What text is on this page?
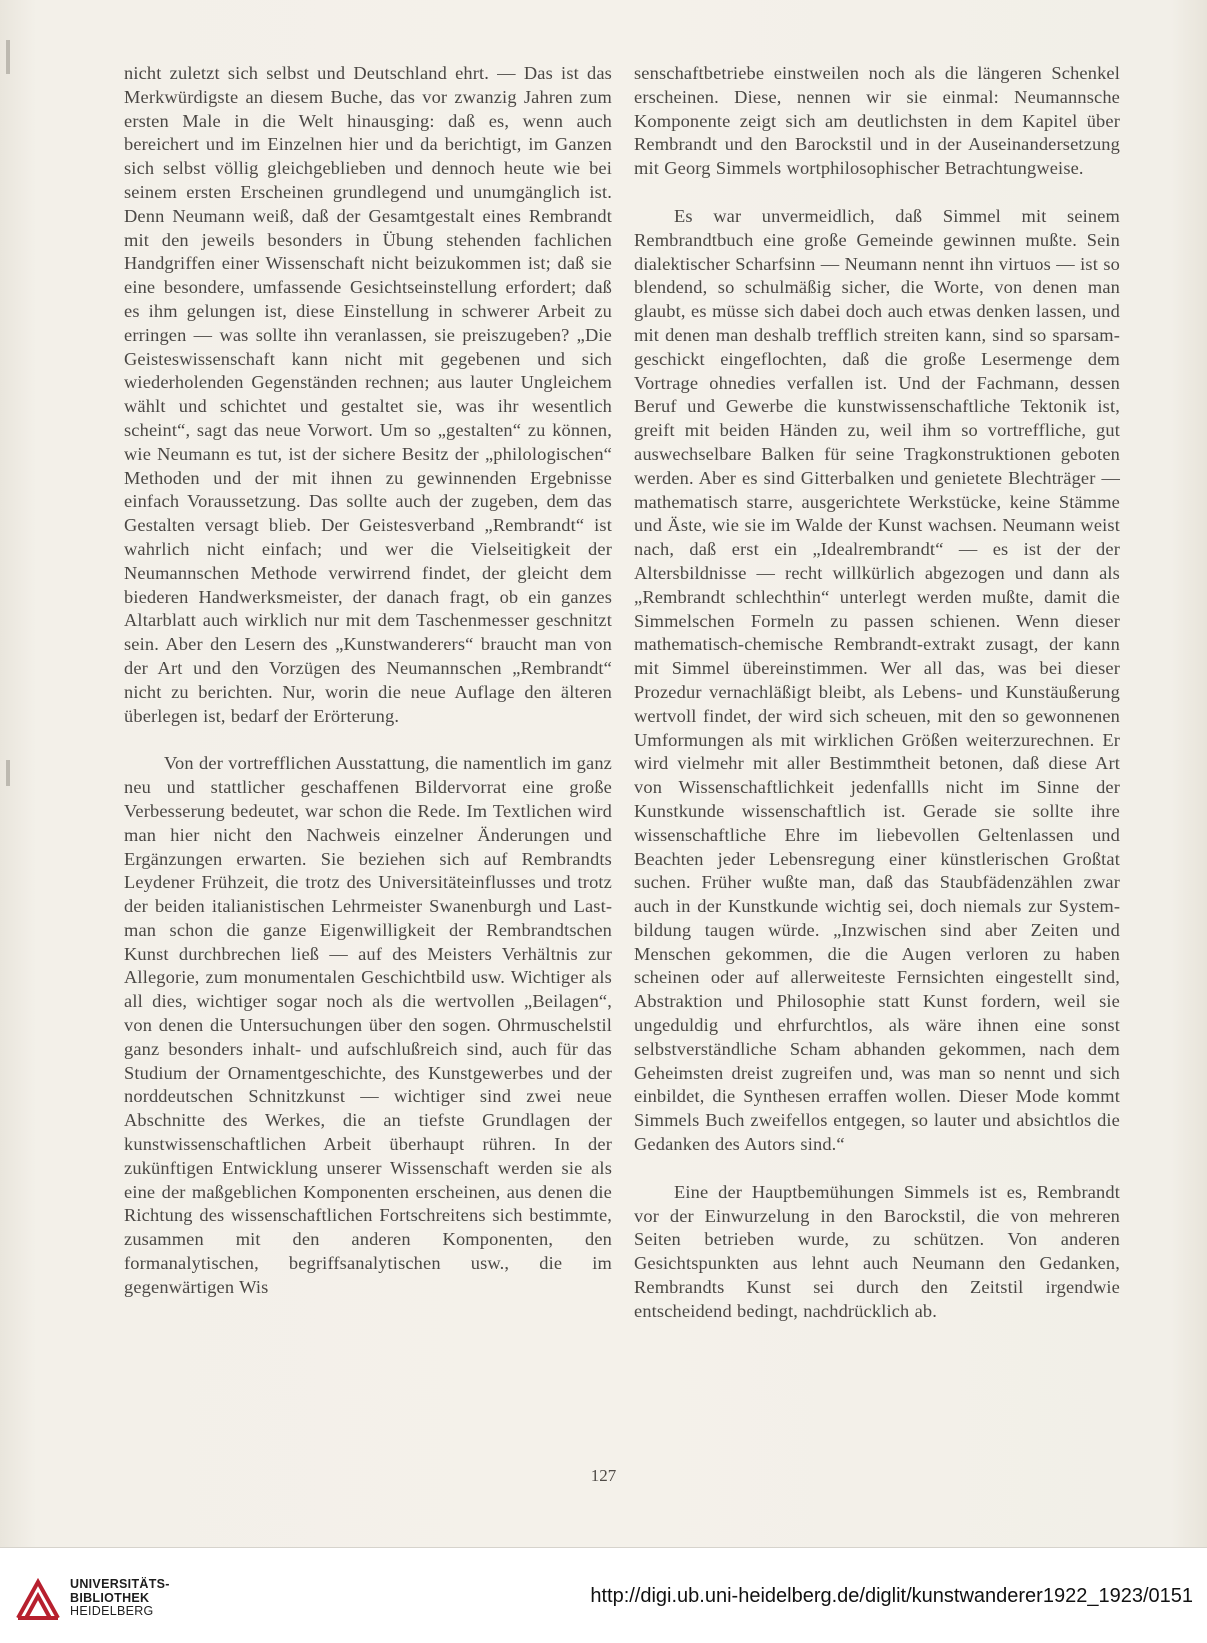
nicht zuletzt sich selbst und Deutschland ehrt. — Das ist das Merkwürdigste an diesem Buche, das vor zwanzig Jahren zum ersten Male in die Welt hinausging: daß es, wenn auch bereichert und im Einzelnen hier und da berichtigt, im Ganzen sich selbst völlig gleichgeblieben und dennoch heute wie bei seinem ersten Erscheinen grundlegend und unumgänglich ist. Denn Neumann weiß, daß der Gesamtgestalt eines Rembrandt mit den jeweils besonders in Übung stehenden fachlichen Handgriffen einer Wissenschaft nicht beizukommen ist; daß sie eine besondere, umfassende Gesichtseinstellung erfordert; daß es ihm gelungen ist, diese Einstellung in schwerer Arbeit zu erringen — was sollte ihn veranlassen, sie preiszugeben? „Die Geisteswissenschaft kann nicht mit gegebenen und sich wiederholenden Gegenständen rechnen; aus lauter Ungleichem wählt und schichtet und gestaltet sie, was ihr wesentlich scheint“, sagt das neue Vorwort. Um so „gestalten“ zu können, wie Neumann es tut, ist der sichere Besitz der „philologischen“ Methoden und der mit ihnen zu gewinnenden Ergebnisse einfach Voraussetzung. Das sollte auch der zugeben, dem das Gestalten versagt blieb. Der Geistesverband „Rembrandt“ ist wahrlich nicht einfach; und wer die Vielseitigkeit der Neumannschen Methode verwirrend findet, der gleicht dem biederen Handwerksmeister, der danach fragt, ob ein ganzes Altarblatt auch wirklich nur mit dem Taschenmesser geschnitzt sein. Aber den Lesern des „Kunstwanderers“ braucht man von der Art und den Vorzügen des Neumannschen „Rembrandt“ nicht zu berichten. Nur, worin die neue Auflage den älteren überlegen ist, bedarf der Erörterung.

Von der vortrefflichen Ausstattung, die namentlich im ganz neu und stattlicher geschaffenen Bildervorrat eine große Verbesserung bedeutet, war schon die Rede. Im Textlichen wird man hier nicht den Nachweis einzelner Änderungen und Ergänzungen erwarten. Sie beziehen sich auf Rembrandts Leydener Frühzeit, die trotz des Universitäteinflusses und trotz der beiden italianistischen Lehrmeister Swanenburgh und Lastman schon die ganze Eigenwilligkeit der Rembrandtschen Kunst durchbrechen ließ — auf des Meisters Verhältnis zur Allegorie, zum monumentalen Geschichtbild usw. Wichtiger als all dies, wichtiger sogar noch als die wertvollen „Beilagen“, von denen die Untersuchungen über den sogen. Ohrmuschelstil ganz besonders inhalt- und aufschlußreich sind, auch für das Studium der Ornamentgeschichte, des Kunstgewerbes und der norddeutschen Schnitzkunst — wichtiger sind zwei neue Abschnitte des Werkes, die an tiefste Grundlagen der kunstwissenschaftlichen Arbeit überhaupt rühren. In der zukünftigen Entwicklung unserer Wissenschaft werden sie als eine der maßgeblichen Komponenten erscheinen, aus denen die Richtung des wissenschaftlichen Fortschreitens sich bestimmte, zusammen mit den anderen Komponenten, den formanalytischen, begriffsanalytischen usw., die im gegenwärtigen Wis

senschaftbetriebe einstweilen noch als die längeren Schenkel erscheinen. Diese, nennen wir sie einmal: Neumannsche Komponente zeigt sich am deutlichsten in dem Kapitel über Rembrandt und den Barockstil und in der Auseinandersetzung mit Georg Simmels wortphilosophischer Betrachtungweise.

Es war unvermeidlich, daß Simmel mit seinem Rembrandtbuch eine große Gemeinde gewinnen mußte. Sein dialektischer Scharfsinn — Neumann nennt ihn virtuos — ist so blendend, so schulmäßig sicher, die Worte, von denen man glaubt, es müsse sich dabei doch auch etwas denken lassen, und mit denen man deshalb trefflich streiten kann, sind so sparsam-geschickt eingeflochten, daß die große Lesermenge dem Vortrage ohnedies verfallen ist. Und der Fachmann, dessen Beruf und Gewerbe die kunstwissenschaftliche Tektonik ist, greift mit beiden Händen zu, weil ihm so vortreffliche, gut auswechselbare Balken für seine Tragkonstruktionen geboten werden. Aber es sind Gitterbalken und genietete Blechträger — mathematisch starre, ausgerichtete Werkstücke, keine Stämme und Äste, wie sie im Walde der Kunst wachsen. Neumann weist nach, daß erst ein „Idealrembrandt“ — es ist der der Altersbildnisse — recht willkürlich abgezogen und dann als „Rembrandt schlechthin“ unterlegt werden mußte, damit die Simmelschen Formeln zu passen schienen. Wenn dieser mathematisch-chemische Rembrandt-extrakt zusagt, der kann mit Simmel übereinstimmen. Wer all das, was bei dieser Prozedur vernachläßigt bleibt, als Lebens- und Kunstäußerung wertvoll findet, der wird sich scheuen, mit den so gewonnenen Umformungen als mit wirklichen Größen weiterzurechnen. Er wird vielmehr mit aller Bestimmtheit betonen, daß diese Art von Wissenschaftlichkeit jedenfallls nicht im Sinne der Kunstkunde wissenschaftlich ist. Gerade sie sollte ihre wissenschaftliche Ehre im liebevollen Geltenlassen und Beachten jeder Lebensregung einer künstlerischen Großtat suchen. Früher wußte man, daß das Staubfädenzählen zwar auch in der Kunstkunde wichtig sei, doch niemals zur Systembildung taugen würde. „Inzwischen sind aber Zeiten und Menschen gekommen, die die Augen verloren zu haben scheinen oder auf allerweiteste Fernsichten eingestellt sind, Abstraktion und Philosophie statt Kunst fordern, weil sie ungeduldig und ehrfurchtlos, als wäre ihnen eine sonst selbstverständliche Scham abhanden gekommen, nach dem Geheimsten dreist zugreifen und, was man so nennt und sich einbildet, die Synthesen erraffen wollen. Dieser Mode kommt Simmels Buch zweifellos entgegen, so lauter und absichtlos die Gedanken des Autors sind.“

Eine der Hauptbemühungen Simmels ist es, Rembrandt vor der Einwurzelung in den Barockstil, die von mehreren Seiten betrieben wurde, zu schützen. Von anderen Gesichtspunkten aus lehnt auch Neumann den Gedanken, Rembrandts Kunst sei durch den Zeitstil irgendwie entscheidend bedingt, nachdrücklich ab.

127
UNIVERSITÄTS-
BIBLIOTHEK
HEIDELBERG
http://digi.ub.uni-heidelberg.de/diglit/kunstwanderer1922_1923/0151
